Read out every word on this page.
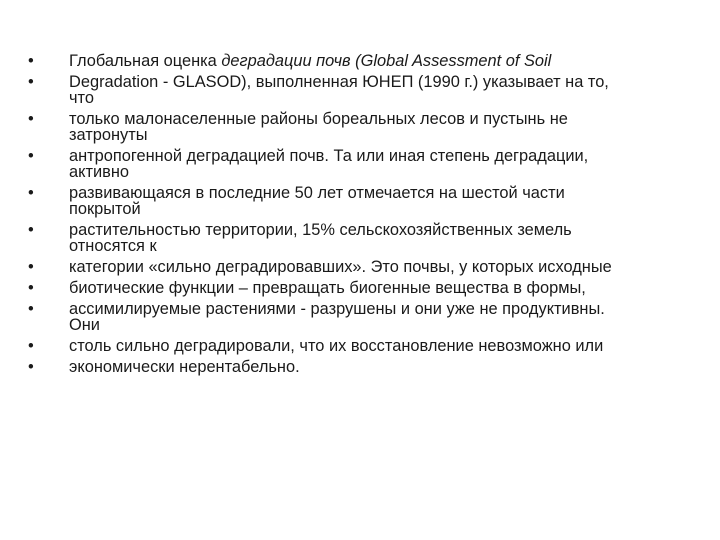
• Глобальная оценка деградации почв (Global Assessment of Soil
• Degradation - GLASOD), выполненная ЮНЕП (1990 г.) указывает на то,
что
• только малонаселенные районы бореальных лесов и пустынь не
затронуты
• антропогенной деградацией почв. Та или иная степень деградации,
активно
• развивающаяся в последние 50 лет отмечается на шестой части
покрытой
• растительностью территории, 15% сельскохозяйственных земель
относятся к
• категории «сильно деградировавших». Это почвы, у которых исходные
• биотические функции – превращать биогенные вещества в формы,
• ассимилируемые растениями - разрушены и они уже не продуктивны.
Они
• столь сильно деградировали, что их восстановление невозможно или
• экономически нерентабельно.
